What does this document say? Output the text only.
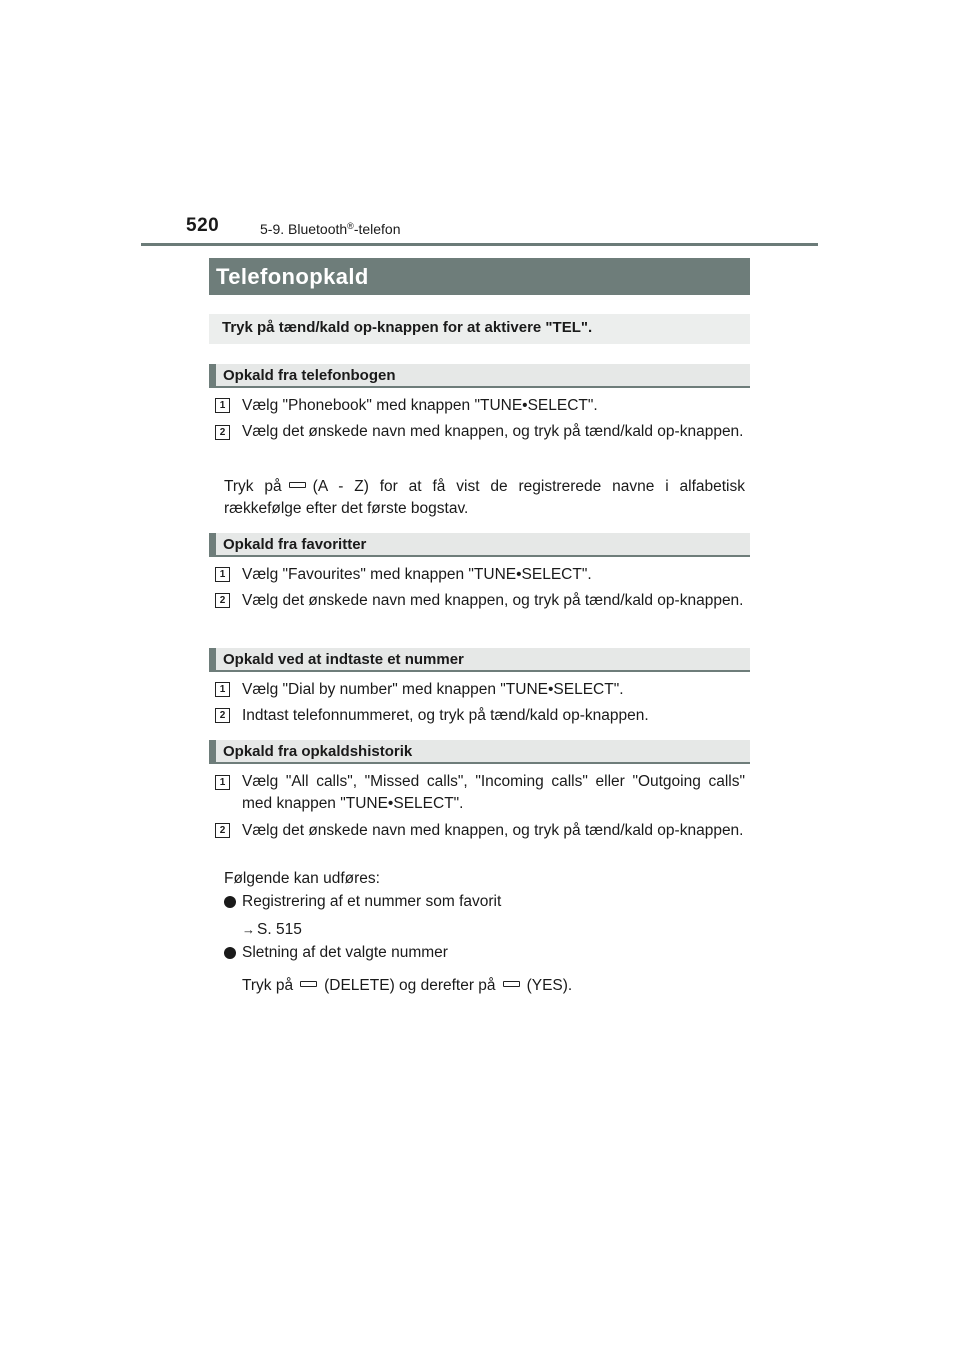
520	5-9. Bluetooth®-telefon
Telefonopkald
Tryk på tænd/kald op-knappen for at aktivere "TEL".
Opkald fra telefonbogen
1	Vælg "Phonebook" med knappen "TUNE•SELECT".
2	Vælg det ønskede navn med knappen, og tryk på tænd/kald op-knappen.
Tryk på (A - Z) for at få vist de registrerede navne i alfabetisk rækkefølge efter det første bogstav.
Opkald fra favoritter
1	Vælg "Favourites" med knappen "TUNE•SELECT".
2	Vælg det ønskede navn med knappen, og tryk på tænd/kald op-knappen.
Opkald ved at indtaste et nummer
1	Vælg "Dial by number" med knappen "TUNE•SELECT".
2	Indtast telefonnummeret, og tryk på tænd/kald op-knappen.
Opkald fra opkaldshistorik
1	Vælg "All calls", "Missed calls", "Incoming calls" eller "Outgoing calls" med knappen "TUNE•SELECT".
2	Vælg det ønskede navn med knappen, og tryk på tænd/kald op-knappen.
Følgende kan udføres:
Registrering af et nummer som favorit
→ S. 515
Sletning af det valgte nummer
Tryk på (DELETE) og derefter på (YES).
